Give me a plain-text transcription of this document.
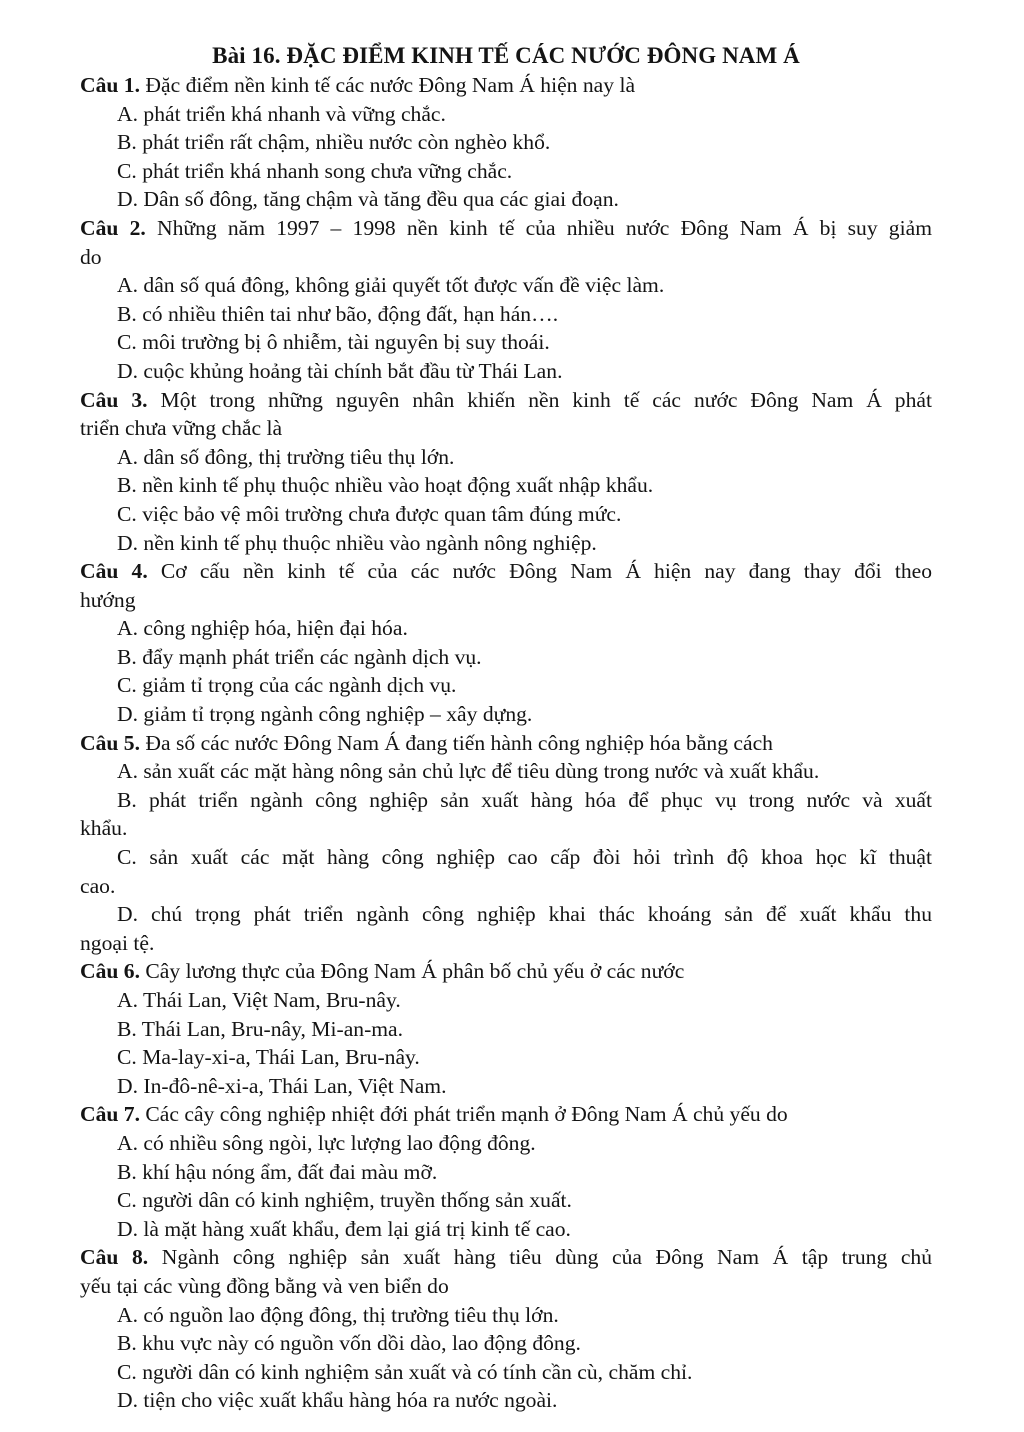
Bài 16. ĐẶC ĐIỂM KINH TẾ CÁC NƯỚC ĐÔNG NAM Á
Câu 1. Đặc điểm nền kinh tế các nước Đông Nam Á hiện nay là
A. phát triển khá nhanh và vững chắc.
B. phát triển rất chậm, nhiều nước còn nghèo khổ.
C. phát triển khá nhanh song chưa vững chắc.
D. Dân số đông, tăng chậm và tăng đều qua các giai đoạn.
Câu 2. Những năm 1997 – 1998 nền kinh tế của nhiều nước Đông Nam Á bị suy giảm
do
A. dân số quá đông, không giải quyết tốt được vấn đề việc làm.
B. có nhiều thiên tai như bão, động đất, hạn hán….
C. môi trường bị ô nhiễm, tài nguyên bị suy thoái.
D. cuộc khủng hoảng tài chính bắt đầu từ Thái Lan.
Câu 3. Một trong những nguyên nhân khiến nền kinh tế các nước Đông Nam Á phát
triển chưa vững chắc là
A. dân số đông, thị trường tiêu thụ lớn.
B. nền kinh tế phụ thuộc nhiều vào hoạt động xuất nhập khẩu.
C. việc bảo vệ môi trường chưa được quan tâm đúng mức.
D. nền kinh tế phụ thuộc nhiều vào ngành nông nghiệp.
Câu 4. Cơ cấu nền kinh tế của các nước Đông Nam Á hiện nay đang thay đổi theo
hướng
A. công nghiệp hóa, hiện đại hóa.
B. đẩy mạnh phát triển các ngành dịch vụ.
C. giảm tỉ trọng của các ngành dịch vụ.
D. giảm tỉ trọng ngành công nghiệp – xây dựng.
Câu 5. Đa số các nước Đông Nam Á đang tiến hành công nghiệp hóa bằng cách
A. sản xuất các mặt hàng nông sản chủ lực để tiêu dùng trong nước và xuất khẩu.
B. phát triển ngành công nghiệp sản xuất hàng hóa để phục vụ trong nước và xuất
khẩu.
C. sản xuất các mặt hàng công nghiệp cao cấp đòi hỏi trình độ khoa học kĩ thuật
cao.
D. chú trọng phát triển ngành công nghiệp khai thác khoáng sản để xuất khẩu thu
ngoại tệ.
Câu 6. Cây lương thực của Đông Nam Á phân bố chủ yếu ở các nước
A. Thái Lan, Việt Nam, Bru-nây.
B. Thái Lan, Bru-nây, Mi-an-ma.
C. Ma-lay-xi-a, Thái Lan, Bru-nây.
D. In-đô-nê-xi-a, Thái Lan, Việt Nam.
Câu 7. Các cây công nghiệp nhiệt đới phát triển mạnh ở Đông Nam Á chủ yếu do
A. có nhiều sông ngòi, lực lượng lao động đông.
B. khí hậu nóng ẩm, đất đai màu mỡ.
C. người dân có kinh nghiệm, truyền thống sản xuất.
D. là mặt hàng xuất khẩu, đem lại giá trị kinh tế cao.
Câu 8. Ngành công nghiệp sản xuất hàng tiêu dùng của Đông Nam Á tập trung chủ
yếu tại các vùng đồng bằng và ven biển do
A. có nguồn lao động đông, thị trường tiêu thụ lớn.
B. khu vực này có nguồn vốn dồi dào, lao động đông.
C. người dân có kinh nghiệm sản xuất và có tính cần cù, chăm chỉ.
D. tiện cho việc xuất khẩu hàng hóa ra nước ngoài.
